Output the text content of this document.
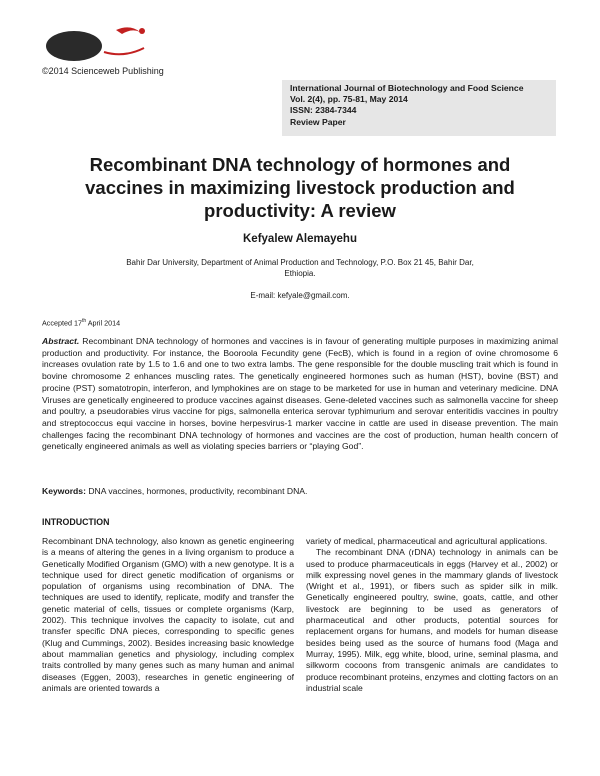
©2014 Scienceweb Publishing
International Journal of Biotechnology and Food Science
Vol. 2(4), pp. 75-81, May 2014
ISSN: 2384-7344
Review Paper
Recombinant DNA technology of hormones and vaccines in maximizing livestock production and productivity: A review
Kefyalew Alemayehu
Bahir Dar University, Department of Animal Production and Technology, P.O. Box 21 45, Bahir Dar, Ethiopia.
E-mail: kefyale@gmail.com.
Accepted 17th April 2014
Abstract. Recombinant DNA technology of hormones and vaccines is in favour of generating multiple purposes in maximizing animal production and productivity. For instance, the Booroola Fecundity gene (FecB), which is found in a region of ovine chromosome 6 increases ovulation rate by 1.5 to 1.6 and one to two extra lambs. The gene responsible for the double muscling trait which is found in bovine chromosome 2 enhances muscling rates. The genetically engineered hormones such as human (HST), bovine (BST) and procine (PST) somatotropin, interferon, and lymphokines are on stage to be marketed for use in human and veterinary medicine. DNA Viruses are genetically engineered to produce vaccines against diseases. Gene-deleted vaccines such as salmonella vaccine for sheep and poultry, a pseudorabies virus vaccine for pigs, salmonella enterica serovar typhimurium and serovar enteritidis vaccines in poultry and streptococcus equi vaccine in horses, bovine herpesvirus-1 marker vaccine in cattle are used in disease prevention. The main challenges facing the recombinant DNA technology of hormones and vaccines are the cost of production, human health concern of genetically engineered animals as well as violating species barriers or “playing God”.
Keywords: DNA vaccines, hormones, productivity, recombinant DNA.
INTRODUCTION

Recombinant DNA technology, also known as genetic engineering is a means of altering the genes in a living organism to produce a Genetically Modified Organism (GMO) with a new genotype. It is a technique used for direct genetic modification of organisms or population of organisms using recombination of DNA. The techniques are used to identify, replicate, modify and transfer the genetic material of cells, tissues or complete organisms (Karp, 2002). This technique involves the capacity to isolate, cut and transfer specific DNA pieces, corresponding to specific genes (Klug and Cummings, 2002). Besides increasing basic knowledge about mammalian genetics and physiology, including complex traits controlled by many genes such as many human and animal diseases (Eggen, 2003), researches in genetic engineering of animals are oriented towards a

variety of medical, pharmaceutical and agricultural applications.

The recombinant DNA (rDNA) technology in animals can be used to produce pharmaceuticals in eggs (Harvey et al., 2002) or milk expressing novel genes in the mammary glands of livestock (Wright et al., 1991), or fibers such as spider silk in milk. Genetically engineered poultry, swine, goats, cattle, and other livestock are beginning to be used as generators of pharmaceutical and other products, potential sources for replacement organs for humans, and models for human disease besides being used as the source of humans food (Maga and Murray, 1995). Milk, egg white, blood, urine, seminal plasma, and silkworm cocoons from transgenic animals are candidates to produce recombinant proteins, enzymes and clotting factors on an industrial scale
